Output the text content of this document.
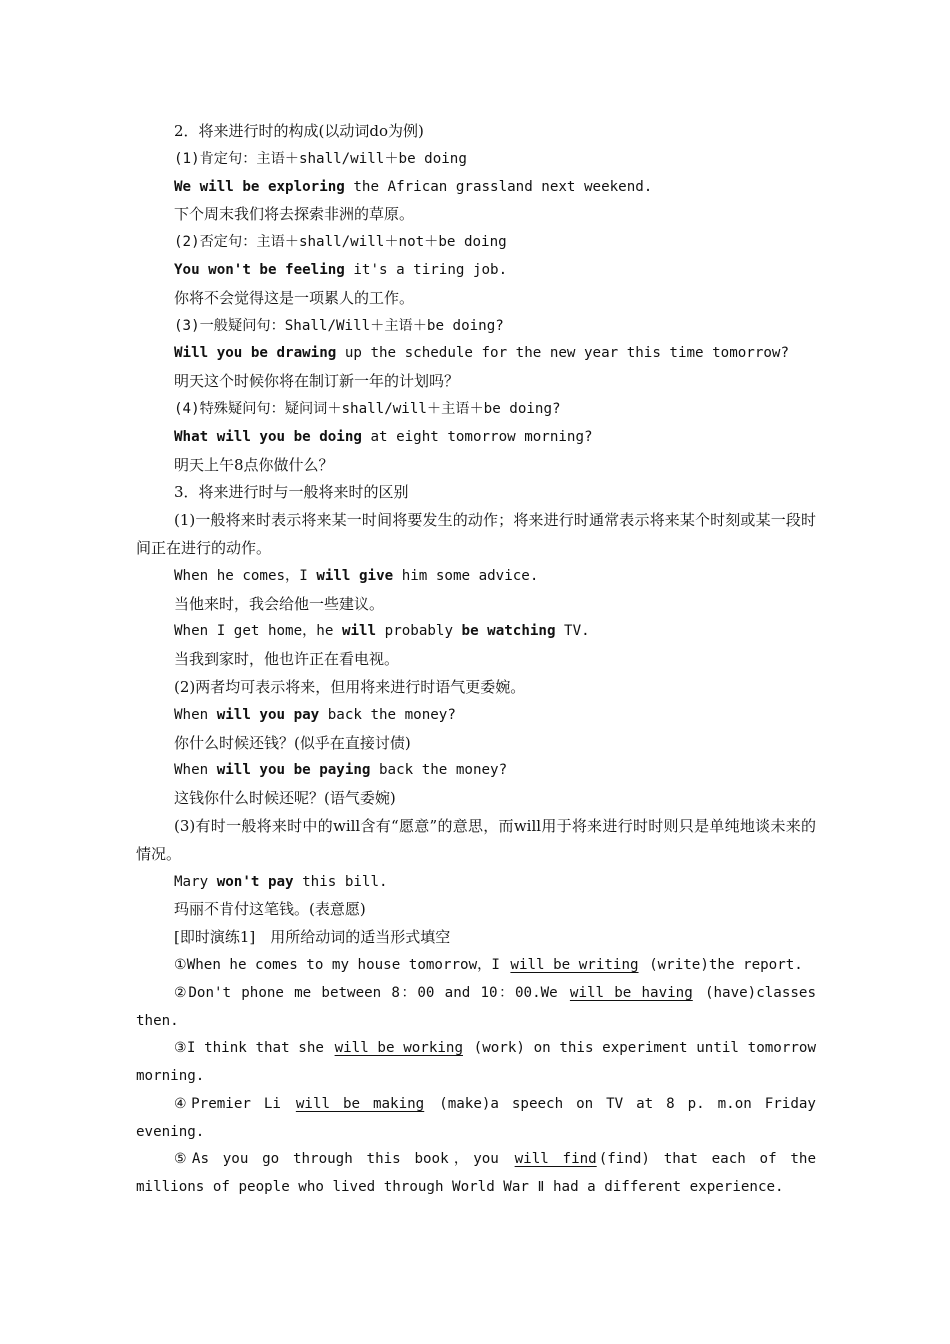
2．将来进行时的构成(以动词do为例)
(1)肯定句：主语＋shall/will＋be doing
We will be exploring the African grassland next weekend.
下个周末我们将去探索非洲的草原。
(2)否定句：主语＋shall/will＋not＋be doing
You won't be feeling it's a tiring job.
你将不会觉得这是一项累人的工作。
(3)一般疑问句：Shall/Will＋主语＋be doing?
Will you be drawing up the schedule for the new year this time tomorrow?
明天这个时候你将在制订新一年的计划吗？
(4)特殊疑问句：疑问词＋shall/will＋主语＋be doing?
What will you be doing at eight tomorrow morning?
明天上午8点你做什么？
3．将来进行时与一般将来时的区别

(1)一般将来时表示将来某一时间将要发生的动作；将来进行时通常表示将来某个时刻或某一段时间正在进行的动作。

When he comes，I will give him some advice.
当他来时，我会给他一些建议。
When I get home，he will probably be watching TV.
当我到家时，他也许正在看电视。
(2)两者均可表示将来，但用将来进行时语气更委婉。
When will you pay back the money?
你什么时候还钱？(似乎在直接讨债)
When will you be paying back the money?
这钱你什么时候还呢？(语气委婉)

(3)有时一般将来时中的will含有“愿意”的意思，而will用于将来进行时时则只是单纯地谈未来的情况。

Mary won't pay this bill.
玛丽不肯付这笔钱。(表意愿)
[即时演练1]　用所给动词的适当形式填空

①When he comes to my house tomorrow，I will be writing (write)the report.

②Don't phone me between 8：00 and 10：00.We will be having (have)classes then.

③I think that she will be working (work) on this experiment until tomorrow morning.

④Premier Li will be making (make)a speech on TV at 8 p. m.on Friday evening.

⑤As you go through this book，you will find (find) that each of the millions of people who lived through World War Ⅱ had a different experience.
